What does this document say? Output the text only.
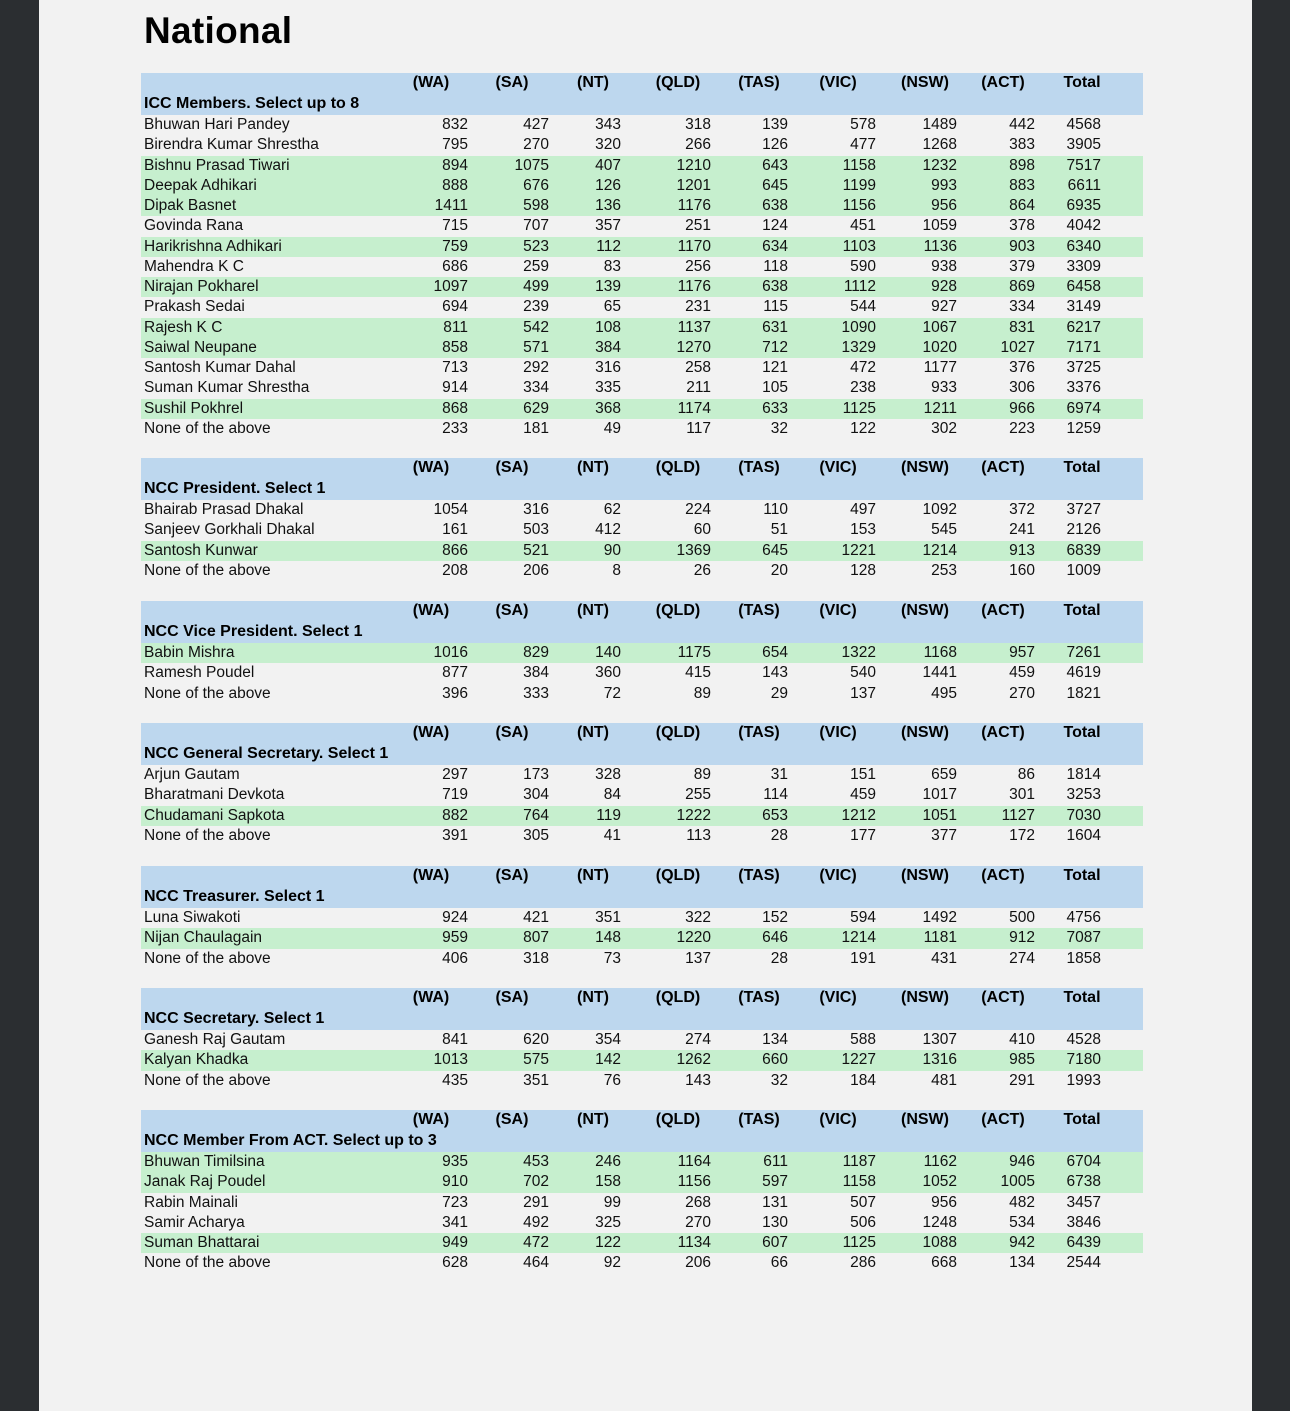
National
(WA)	(SA)	(NT)	(QLD)	(TAS)	(VIC)	(NSW)	(ACT)	Total
ICC Members. Select up to 8
Bhuwan Hari Pandey	832	427	343	318	139	578	1489	442	4568
Birendra Kumar Shrestha	795	270	320	266	126	477	1268	383	3905
Bishnu Prasad Tiwari	894	1075	407	1210	643	1158	1232	898	7517
Deepak Adhikari	888	676	126	1201	645	1199	993	883	6611
Dipak Basnet	1411	598	136	1176	638	1156	956	864	6935
Govinda Rana	715	707	357	251	124	451	1059	378	4042
Harikrishna Adhikari	759	523	112	1170	634	1103	1136	903	6340
Mahendra K C	686	259	83	256	118	590	938	379	3309
Nirajan Pokharel	1097	499	139	1176	638	1112	928	869	6458
Prakash Sedai	694	239	65	231	115	544	927	334	3149
Rajesh K C	811	542	108	1137	631	1090	1067	831	6217
Saiwal Neupane	858	571	384	1270	712	1329	1020	1027	7171
Santosh Kumar Dahal	713	292	316	258	121	472	1177	376	3725
Suman Kumar Shrestha	914	334	335	211	105	238	933	306	3376
Sushil Pokhrel	868	629	368	1174	633	1125	1211	966	6974
None of the above	233	181	49	117	32	122	302	223	1259
(WA)	(SA)	(NT)	(QLD)	(TAS)	(VIC)	(NSW)	(ACT)	Total
NCC President. Select 1
Bhairab Prasad Dhakal	1054	316	62	224	110	497	1092	372	3727
Sanjeev Gorkhali Dhakal	161	503	412	60	51	153	545	241	2126
Santosh Kunwar	866	521	90	1369	645	1221	1214	913	6839
None of the above	208	206	8	26	20	128	253	160	1009
(WA)	(SA)	(NT)	(QLD)	(TAS)	(VIC)	(NSW)	(ACT)	Total
NCC Vice President. Select 1
Babin Mishra	1016	829	140	1175	654	1322	1168	957	7261
Ramesh Poudel	877	384	360	415	143	540	1441	459	4619
None of the above	396	333	72	89	29	137	495	270	1821
(WA)	(SA)	(NT)	(QLD)	(TAS)	(VIC)	(NSW)	(ACT)	Total
NCC General Secretary. Select 1
Arjun Gautam	297	173	328	89	31	151	659	86	1814
Bharatmani Devkota	719	304	84	255	114	459	1017	301	3253
Chudamani Sapkota	882	764	119	1222	653	1212	1051	1127	7030
None of the above	391	305	41	113	28	177	377	172	1604
(WA)	(SA)	(NT)	(QLD)	(TAS)	(VIC)	(NSW)	(ACT)	Total
NCC Treasurer. Select 1
Luna Siwakoti	924	421	351	322	152	594	1492	500	4756
Nijan Chaulagain	959	807	148	1220	646	1214	1181	912	7087
None of the above	406	318	73	137	28	191	431	274	1858
(WA)	(SA)	(NT)	(QLD)	(TAS)	(VIC)	(NSW)	(ACT)	Total
NCC Secretary. Select 1
Ganesh Raj Gautam	841	620	354	274	134	588	1307	410	4528
Kalyan Khadka	1013	575	142	1262	660	1227	1316	985	7180
None of the above	435	351	76	143	32	184	481	291	1993
(WA)	(SA)	(NT)	(QLD)	(TAS)	(VIC)	(NSW)	(ACT)	Total
NCC Member From ACT. Select up to 3
Bhuwan Timilsina	935	453	246	1164	611	1187	1162	946	6704
Janak Raj Poudel	910	702	158	1156	597	1158	1052	1005	6738
Rabin Mainali	723	291	99	268	131	507	956	482	3457
Samir Acharya	341	492	325	270	130	506	1248	534	3846
Suman Bhattarai	949	472	122	1134	607	1125	1088	942	6439
None of the above	628	464	92	206	66	286	668	134	2544
